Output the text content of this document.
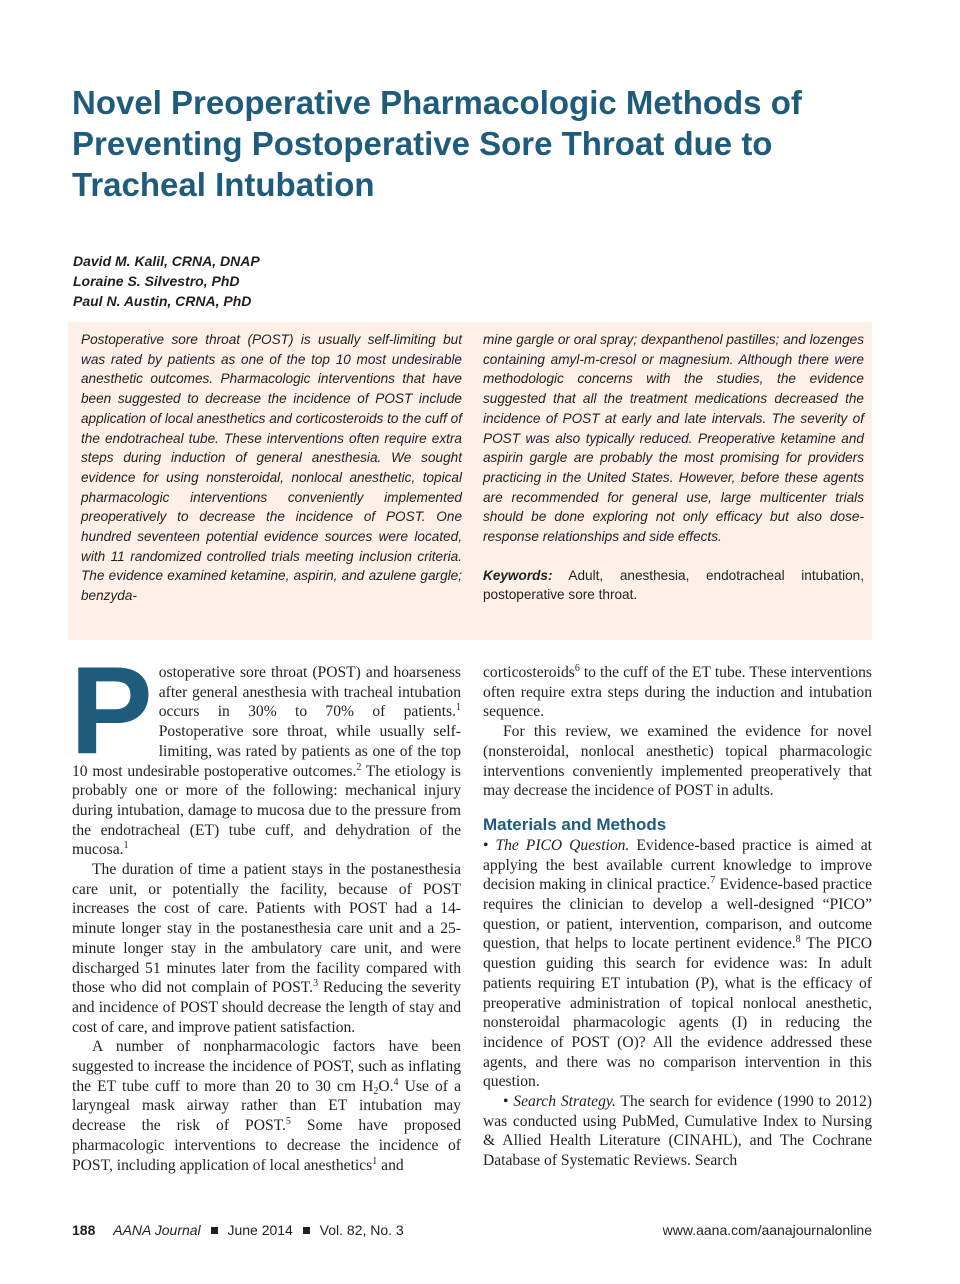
Novel Preoperative Pharmacologic Methods of
Preventing Postoperative Sore Throat due to
Tracheal Intubation
David M. Kalil, CRNA, DNAP
Loraine S. Silvestro, PhD
Paul N. Austin, CRNA, PhD
Postoperative sore throat (POST) is usually self-limiting but was rated by patients as one of the top 10 most undesirable anesthetic outcomes. Pharmacologic interventions that have been suggested to decrease the incidence of POST include application of local anesthetics and corticosteroids to the cuff of the endotracheal tube. These interventions often require extra steps during induction of general anesthesia. We sought evidence for using nonsteroidal, nonlocal anesthetic, topical pharmacologic interventions conveniently implemented preoperatively to decrease the incidence of POST. One hundred seventeen potential evidence sources were located, with 11 randomized controlled trials meeting inclusion criteria. The evidence examined ketamine, aspirin, and azulene gargle; benzyda-
mine gargle or oral spray; dexpanthenol pastilles; and lozenges containing amyl-m-cresol or magnesium. Although there were methodologic concerns with the studies, the evidence suggested that all the treatment medications decreased the incidence of POST at early and late intervals. The severity of POST was also typically reduced. Preoperative ketamine and aspirin gargle are probably the most promising for providers practicing in the United States. However, before these agents are recommended for general use, large multicenter trials should be done exploring not only efficacy but also dose-response relationships and side effects.
Keywords: Adult, anesthesia, endotracheal intubation, postoperative sore throat.

Postoperative sore throat (POST) and hoarseness after general anesthesia with tracheal intubation occurs in 30% to 70% of patients.$^1$ Postoperative sore throat, while usually self-limiting, was rated by patients as one of the top 10 most undesirable postoperative outcomes.$^2$ The etiology is probably one or more of the following: mechanical injury during intubation, damage to mucosa due to the pressure from the endotracheal (ET) tube cuff, and dehydration of the mucosa.$^1$

The duration of time a patient stays in the postanesthesia care unit, or potentially the facility, because of POST increases the cost of care. Patients with POST had a 14-minute longer stay in the postanesthesia care unit and a 25-minute longer stay in the ambulatory care unit, and were discharged 51 minutes later from the facility compared with those who did not complain of POST.$^3$ Reducing the severity and incidence of POST should decrease the length of stay and cost of care, and improve patient satisfaction.

A number of nonpharmacologic factors have been suggested to increase the incidence of POST, such as inflating the ET tube cuff to more than 20 to 30 cm $H_2O.^4$ Use of a laryngeal mask airway rather than ET intubation may decrease the risk of POST.$^5$ Some have proposed pharmacologic interventions to decrease the incidence of POST, including application of local anesthetics$^1$ and

corticosteroids$^6$ to the cuff of the ET tube. These interventions often require extra steps during the induction and intubation sequence.

For this review, we examined the evidence for novel (nonsteroidal, nonlocal anesthetic) topical pharmacologic interventions conveniently implemented preoperatively that may decrease the incidence of POST in adults.

Materials and Methods

• The PICO Question. Evidence-based practice is aimed at applying the best available current knowledge to improve decision making in clinical practice.$^7$ Evidence-based practice requires the clinician to develop a well-designed “PICO” question, or patient, intervention, comparison, and outcome question, that helps to locate pertinent evidence.$^8$ The PICO question guiding this search for evidence was: In adult patients requiring ET intubation (P), what is the efficacy of preoperative administration of topical nonlocal anesthetic, nonsteroidal pharmacologic agents (I) in reducing the incidence of POST (O)? All the evidence addressed these agents, and there was no comparison intervention in this question.

• Search Strategy. The search for evidence (1990 to 2012) was conducted using PubMed, Cumulative Index to Nursing & Allied Health Literature (CINAHL), and The Cochrane Database of Systematic Reviews. Search

188 AANA Journal June 2014 Vol. 82, No. 3	www.aana.com/aanajournalonline
